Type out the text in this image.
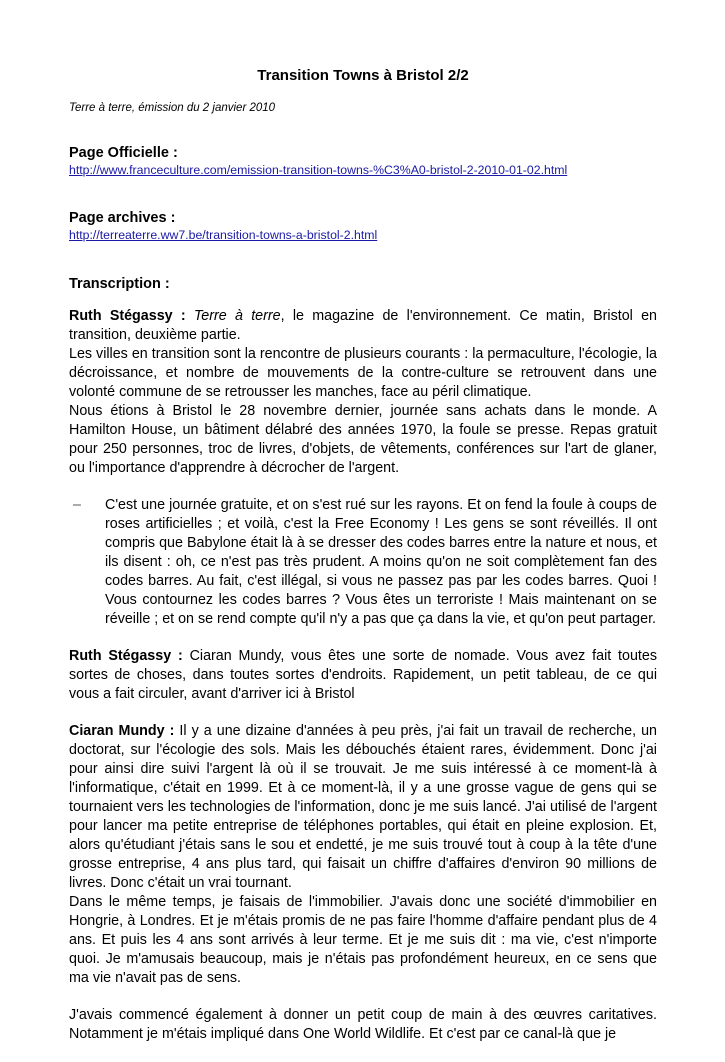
Transition Towns à Bristol 2/2
Terre à terre, émission du 2 janvier 2010

Page Officielle :

http://www.franceculture.com/emission-transition-towns-%C3%A0-bristol-2-2010-01-02.html

Page archives :

http://terreaterre.ww7.be/transition-towns-a-bristol-2.html

Transcription :

Ruth Stégassy : Terre à terre, le magazine de l'environnement. Ce matin, Bristol en transition, deuxième partie.
Les villes en transition sont la rencontre de plusieurs courants : la permaculture, l'écologie, la décroissance, et nombre de mouvements de la contre-culture se retrouvent dans une volonté commune de se retrousser les manches, face au péril climatique.
Nous étions à Bristol le 28 novembre dernier, journée sans achats dans le monde. A Hamilton House, un bâtiment délabré des années 1970, la foule se presse. Repas gratuit pour 250 personnes, troc de livres, d'objets, de vêtements, conférences sur l'art de glaner, ou l'importance d'apprendre à décrocher de l'argent.

– C'est une journée gratuite, et on s'est rué sur les rayons. Et on fend la foule à coups de roses artificielles ; et voilà, c'est la Free Economy ! Les gens se sont réveillés. Il ont compris que Babylone était là à se dresser des codes barres entre la nature et nous, et ils disent : oh, ce n'est pas très prudent. A moins qu'on ne soit complètement fan des codes barres. Au fait, c'est illégal, si vous ne passez pas par les codes barres. Quoi ! Vous contournez les codes barres ? Vous êtes un terroriste ! Mais maintenant on se réveille ; et on se rend compte qu'il n'y a pas que ça dans la vie, et qu'on peut partager.

Ruth Stégassy : Ciaran Mundy, vous êtes une sorte de nomade. Vous avez fait toutes sortes de choses, dans toutes sortes d'endroits. Rapidement, un petit tableau, de ce qui vous a fait circuler, avant d'arriver ici à Bristol

Ciaran Mundy : Il y a une dizaine d'années à peu près, j'ai fait un travail de recherche, un doctorat, sur l'écologie des sols. Mais les débouchés étaient rares, évidemment. Donc j'ai pour ainsi dire suivi l'argent là où il se trouvait. Je me suis intéressé à ce moment-là à l'informatique, c'était en 1999. Et à ce moment-là, il y a une grosse vague de gens qui se tournaient vers les technologies de l'information, donc je me suis lancé. J'ai utilisé de l'argent pour lancer ma petite entreprise de téléphones portables, qui était en pleine explosion. Et, alors qu'étudiant j'étais sans le sou et endetté, je me suis trouvé tout à coup à la tête d'une grosse entreprise, 4 ans plus tard, qui faisait un chiffre d'affaires d'environ 90 millions de livres. Donc c'était un vrai tournant.
Dans le même temps, je faisais de l'immobilier. J'avais donc une société d'immobilier en Hongrie, à Londres. Et je m'étais promis de ne pas faire l'homme d'affaire pendant plus de 4 ans. Et puis les 4 ans sont arrivés à leur terme. Et je me suis dit : ma vie, c'est n'importe quoi. Je m'amusais beaucoup, mais je n'étais pas profondément heureux, en ce sens que ma vie n'avait pas de sens.

J'avais commencé également à donner un petit coup de main à des œuvres caritatives. Notamment je m'étais impliqué dans One World Wildlife. Et c'est par ce canal-là que je
